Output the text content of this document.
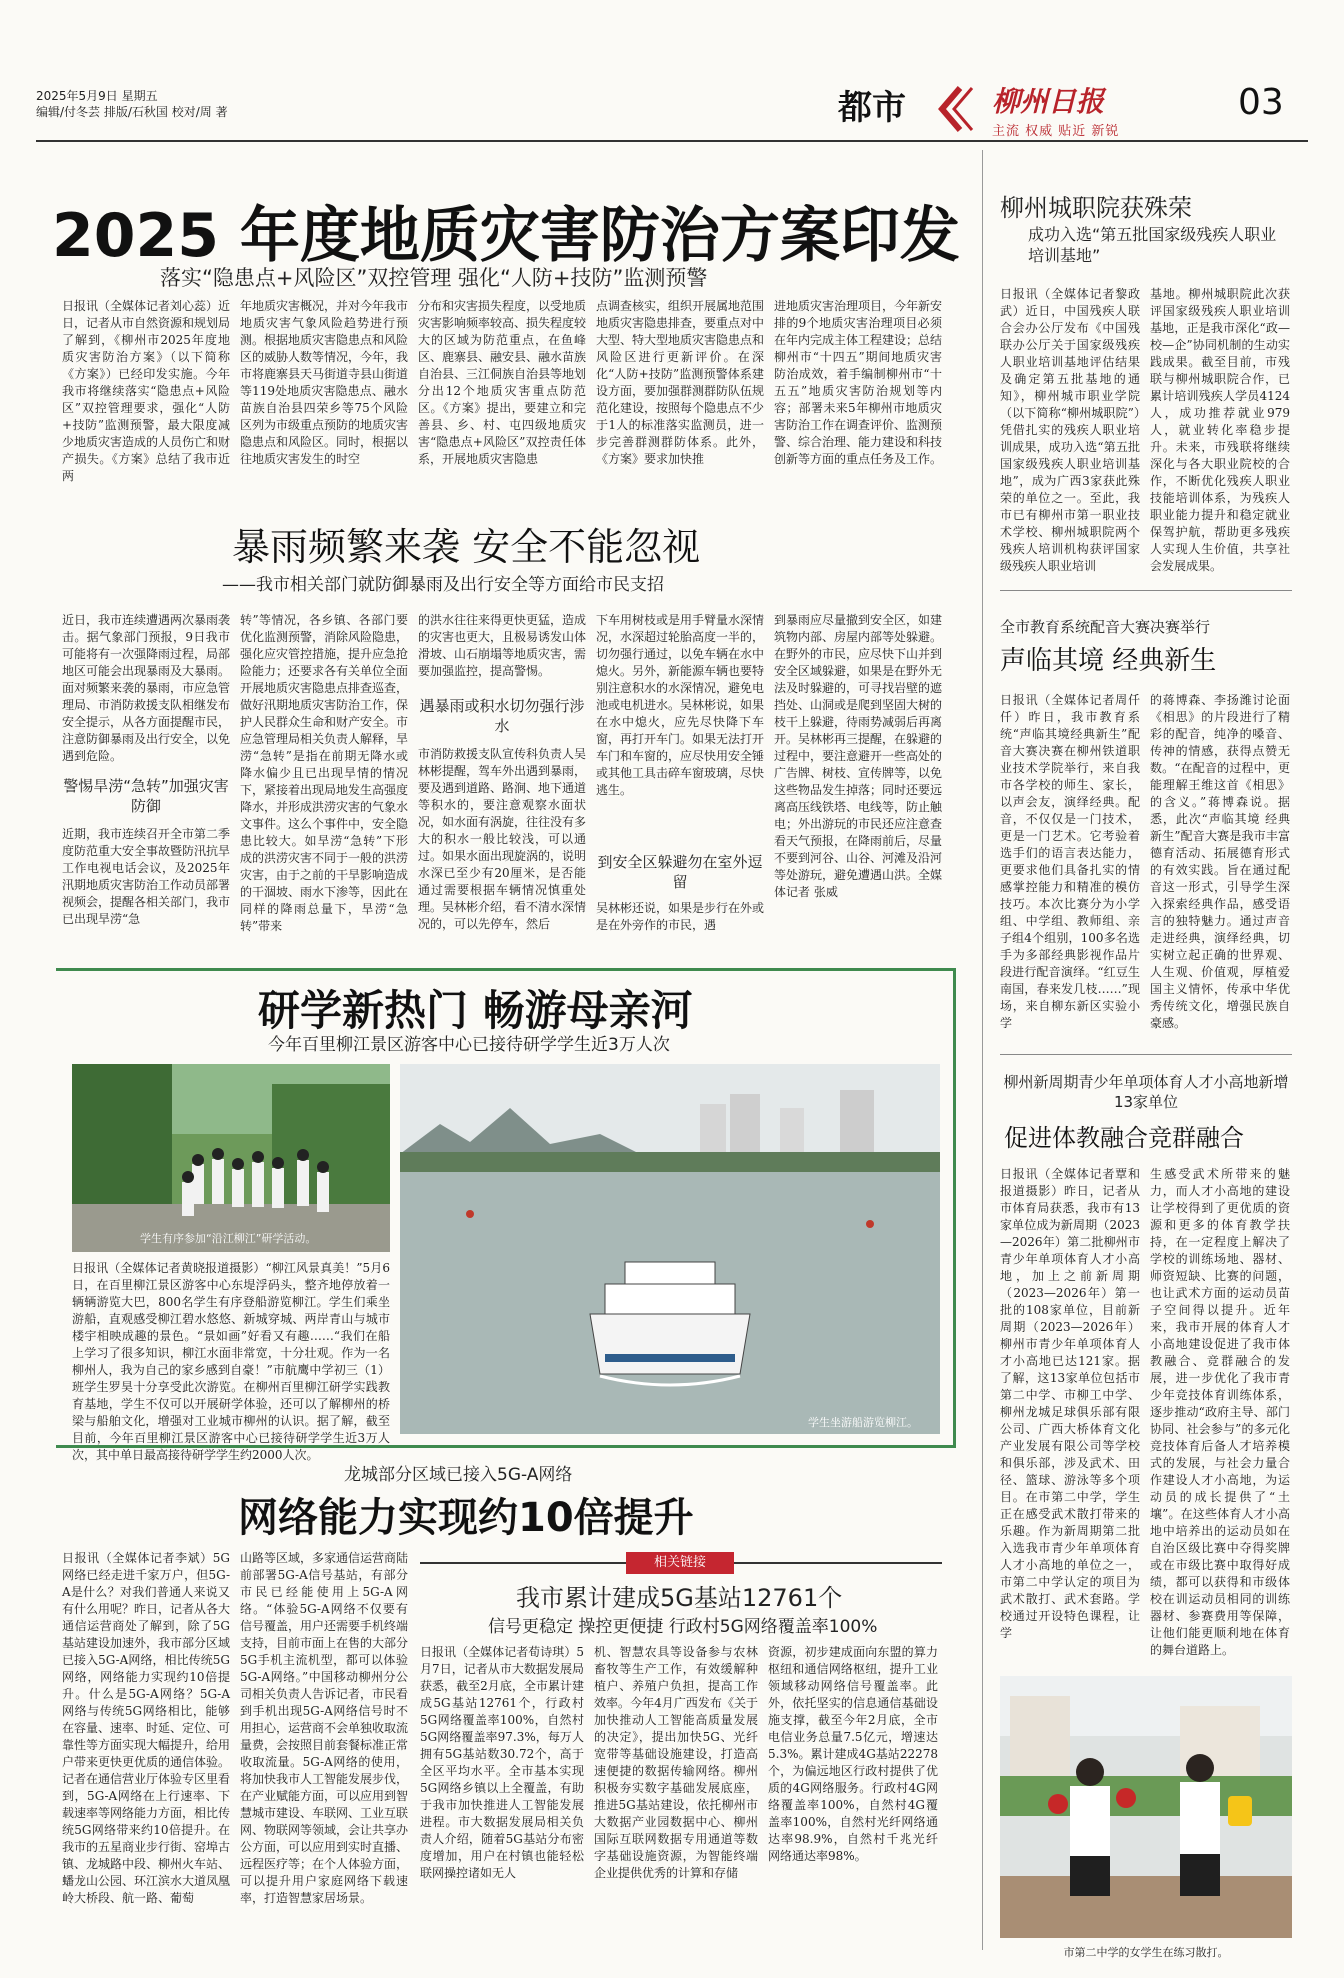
2025年5月9日 星期五
编辑/付冬芸 排版/石秋国 校对/周 著	都市	柳州日报
主流 权威 贴近 新锐
03
2025 年度地质灾害防治方案印发
落实“隐患点+风险区”双控管理 强化“人防+技防”监测预警
日报讯（全媒体记者刘心蕊）近日，记者从市自然资源和规划局了解到，《柳州市2025年度地质灾害防治方案》（以下简称《方案》）已经印发实施。今年我市将继续落实“隐患点+风险区”双控管理要求，强化“人防+技防”监测预警，最大限度减少地质灾害造成的人员伤亡和财产损失。《方案》总结了我市近两
年地质灾害概况，并对今年我市地质灾害气象风险趋势进行预测。根据地质灾害隐患点和风险区的威胁人数等情况，今年，我市将鹿寨县天马街道寺县山街道等119处地质灾害隐患点、融水苗族自治县四荣乡等75个风险区列为市级重点预防的地质灾害隐患点和风险区。同时，根据以往地质灾害发生的时空
分布和灾害损失程度，以受地质灾害影响频率较高、损失程度较大的区域为防范重点，在鱼峰区、鹿寨县、融安县、融水苗族自治县、三江侗族自治县等地划分出12个地质灾害重点防范区。《方案》提出，要建立和完善县、乡、村、屯四级地质灾害“隐患点+风险区”双控责任体系，开展地质灾害隐患
点调查核实，组织开展属地范围地质灾害隐患排查，要重点对中大型、特大型地质灾害隐患点和风险区进行更新评价。在深化“人防+技防”监测预警体系建设方面，要加强群测群防队伍规范化建设，按照每个隐患点不少于1人的标准落实监测员，进一步完善群测群防体系。此外，《方案》要求加快推
进地质灾害治理项目，今年新安排的9个地质灾害治理项目必须在年内完成主体工程建设；总结柳州市“十四五”期间地质灾害防治成效，着手编制柳州市“十五五”地质灾害防治规划等内容；部署未来5年柳州市地质灾害防治工作在调查评价、监测预警、综合治理、能力建设和科技创新等方面的重点任务及工作。
暴雨频繁来袭 安全不能忽视
——我市相关部门就防御暴雨及出行安全等方面给市民支招
近日，我市连续遭遇两次暴雨袭击。据气象部门预报，9日我市可能将有一次强降雨过程，局部地区可能会出现暴雨及大暴雨。面对频繁来袭的暴雨，市应急管理局、市消防救援支队相继发布安全提示，从各方面提醒市民，注意防御暴雨及出行安全，以免遇到危险。
警惕旱涝“急转”加强灾害防御
近期，我市连续召开全市第二季度防范重大安全事故暨防汛抗旱工作电视电话会议，及2025年汛期地质灾害防治工作动员部署视频会，提醒各相关部门，我市已出现旱涝“急
转”等情况，各乡镇、各部门要优化监测预警，消除风险隐患，强化应灾管控措施，提升应急抢险能力；还要求各有关单位全面开展地质灾害隐患点排查巡查，做好汛期地质灾害防治工作，保护人民群众生命和财产安全。市应急管理局相关负责人解释，旱涝“急转”是指在前期无降水或降水偏少且已出现旱情的情况下，紧接着出现局地发生高强度降水，并形成洪涝灾害的气象水文事件。这么个事件中，安全隐患比较大。如旱涝“急转”下形成的洪涝灾害不同于一般的洪涝灾害，由于之前的干旱影响造成的干涸坡、雨水下渗等，因此在同样的降雨总量下，旱涝“急转”带来
的洪水往往来得更快更猛，造成的灾害也更大，且极易诱发山体滑坡、山石崩塌等地质灾害，需要加强监控，提高警惕。
遇暴雨或积水切勿强行涉水
市消防救援支队宣传科负责人吴林彬提醒，驾车外出遇到暴雨，要及遇到道路、路涧、地下通道等积水的，要注意观察水面状况，如水面有涡旋，往往没有多大的积水一般比较浅，可以通过。如果水面出现旋涡的，说明水深已至少有20厘米，是否能通过需要根据车辆情况慎重处理。吴林彬介绍，看不清水深情况的，可以先停车，然后
下车用树枝或是用手臂量水深情况，水深超过轮胎高度一半的，切勿强行通过，以免车辆在水中熄火。另外，新能源车辆也要特别注意积水的水深情况，避免电池或电机进水。吴林彬说，如果在水中熄火，应先尽快降下车窗，再打开车门。如果无法打开车门和车窗的，应尽快用安全锤或其他工具击碎车窗玻璃，尽快逃生。
到安全区躲避勿在室外逗留
吴林彬还说，如果是步行在外或是在外旁作的市民，遇
到暴雨应尽量撤到安全区，如建筑物内部、房屋内部等处躲避。在野外的市民，应尽快下山并到安全区域躲避，如果是在野外无法及时躲避的，可寻找岩壁的遮挡处、山洞或是爬到坚固大树的枝干上躲避，待雨势减弱后再离开。吴林彬再三提醒，在躲避的过程中，要注意避开一些高处的广告牌、树枝、宣传牌等，以免这些物品发生掉落；同时还要远离高压线铁塔、电线等，防止触电；外出游玩的市民还应注意查看天气预报，在降雨前后，尽量不要到河谷、山谷、河滩及沿河等处游玩，避免遭遇山洪。全媒体记者 张威
研学新热门 畅游母亲河
今年百里柳江景区游客中心已接待研学学生近3万人次
学生有序参加“沿江柳江”研学活动。
学生坐游船游览柳江。
日报讯（全媒体记者黄晓报道摄影）“柳江风景真美！”5月6日，在百里柳江景区游客中心东堤浮码头，整齐地停放着一辆辆游览大巴，800名学生有序登船游览柳江。学生们乘坐游船，直观感受柳江碧水悠悠、新城穿城、两岸青山与城市楼宇相映成趣的景色。“景如画”好看又有趣……“我们在船上学习了很多知识，柳江水面非常宽，十分壮观。作为一名柳州人，我为自己的家乡感到自豪！”市航鹰中学初三（1）班学生罗昊十分享受此次游览。在柳州百里柳江研学实践教育基地，学生不仅可以开展研学体验，还可以了解柳州的桥梁与船舶文化，增强对工业城市柳州的认识。据了解，截至目前，今年百里柳江景区游客中心已接待研学学生近3万人次，其中单日最高接待研学学生约2000人次。
龙城部分区域已接入5G-A网络
网络能力实现约10倍提升
日报讯（全媒体记者李斌）5G网络已经走进千家万户，但5G-A是什么？对我们普通人来说又有什么用呢？昨日，记者从各大通信运营商处了解到，除了5G基站建设加速外，我市部分区域已接入5G-A网络，相比传统5G网络，网络能力实现约10倍提升。什么是5G-A网络？5G-A网络与传统5G网络相比，能够在容量、速率、时延、定位、可靠性等方面实现大幅提升，给用户带来更快更优质的通信体验。记者在通信营业厅体验专区里看到，5G-A网络在上行速率、下载速率等网络能力方面，相比传统5G网络带来约10倍提升。在我市的五星商业步行街、窑埠古镇、龙城路中段、柳州火车站、蟠龙山公园、环江滨水大道凤凰岭大桥段、航一路、葡萄
山路等区域，多家通信运营商陆前部署5G-A信号基站，有部分市民已经能使用上5G-A网络。“体验5G-A网络不仅要有信号覆盖，用户还需要手机终端支持，目前市面上在售的大部分5G手机主流机型，都可以体验5G-A网络。”中国移动柳州分公司相关负责人告诉记者，市民看到手机出现5G-A网络信号时不用担心，运营商不会单独收取流量费，会按照目前套餐标准正常收取流量。5G-A网络的使用，将加快我市人工智能发展步伐，在产业赋能方面，可以应用到智慧城市建设、车联网、工业互联网、物联网等领域，会让共享办公方面，可以应用到实时直播、远程医疗等；在个人体验方面，可以提升用户家庭网络下载速率，打造智慧家居场景。
相关链接
我市累计建成5G基站12761个
信号更稳定 操控更便捷 行政村5G网络覆盖率100%
日报讯（全媒体记者荀诗琪）5月7日，记者从市大数据发展局获悉，截至2月底，全市累计建成5G基站12761个，行政村5G网络覆盖率100%，自然村5G网络覆盖率97.3%，每万人拥有5G基站数30.72个，高于全区平均水平。全市基本实现5G网络乡镇以上全覆盖，有助于我市加快推进人工智能发展进程。市大数据发展局相关负责人介绍，随着5G基站分布密度增加，用户在村镇也能轻松联网操控诸如无人
机、智慧农具等设备参与农林畜牧等生产工作，有效缓解种植户、养殖户负担，提高工作效率。今年4月广西发布《关于加快推动人工智能高质量发展的决定》，提出加快5G、光纤宽带等基础设施建设，打造高速便捷的数据传输网络。柳州积极夯实数字基础发展底座，推进5G基站建设，依托柳州市大数据产业园数据中心、柳州国际互联网数据专用通道等数字基础设施资源，为智能终端企业提供优秀的计算和存储
资源，初步建成面向东盟的算力枢纽和通信网络枢纽，提升工业领域移动网络信号覆盖率。此外，依托坚实的信息通信基础设施支撑，截至今年2月底，全市电信业务总量7.5亿元，增速达5.3%。累计建成4G基站22278个，为偏远地区行政村提供了优质的4G网络服务。行政村4G网络覆盖率100%，自然村4G覆盖率100%，自然村光纤网络通达率98.9%，自然村千兆光纤网络通达率98%。
柳州城职院获殊荣
成功入选“第五批国家级残疾人职业培训基地”
日报讯（全媒体记者黎政武）近日，中国残疾人联合会办公厅发布《中国残联办公厅关于国家级残疾人职业培训基地评估结果及确定第五批基地的通知》，柳州城市职业学院（以下简称“柳州城职院”）凭借扎实的残疾人职业培训成果，成功入选“第五批国家级残疾人职业培训基地”，成为广西3家获此殊荣的单位之一。至此，我市已有柳州市第一职业技术学校、柳州城职院两个残疾人培训机构获评国家级残疾人职业培训
基地。柳州城职院此次获评国家级残疾人职业培训基地，正是我市深化“政—校—企”协同机制的生动实践成果。截至目前，市残联与柳州城职院合作，已累计培训残疾人学员4124人，成功推荐就业979人，就业转化率稳步提升。未来，市残联将继续深化与各大职业院校的合作，不断优化残疾人职业技能培训体系，为残疾人职业能力提升和稳定就业保驾护航，帮助更多残疾人实现人生价值，共享社会发展成果。
全市教育系统配音大赛决赛举行
声临其境 经典新生
日报讯（全媒体记者周仟仟）昨日，我市教育系统“声临其境经典新生”配音大赛决赛在柳州铁道职业技术学院举行，来自我市各学校的师生、家长，以声会友，演绎经典。配音，不仅仅是一门技术，更是一门艺术。它考验着选手们的语言表达能力，更要求他们具备扎实的情感掌控能力和精准的模仿技巧。本次比赛分为小学组、中学组、教师组、亲子组4个组别，100多名选手为多部经典影视作品片段进行配音演绎。“红豆生南国，春来发几枝……”现场，来自柳东新区实验小学
的蒋博森、李扬潍讨论面《相思》的片段进行了精彩的配音，纯净的嗓音、传神的情感，获得点赞无数。“在配音的过程中，更能理解王维这首《相思》的含义。”蒋博森说。据悉，此次“声临其境 经典新生”配音大赛是我市丰富德育活动、拓展德育形式的有效实践。旨在通过配音这一形式，引导学生深入探索经典作品，感受语言的独特魅力。通过声音走进经典，演绎经典，切实树立起正确的世界观、人生观、价值观，厚植爱国主义情怀，传承中华优秀传统文化，增强民族自豪感。
柳州新周期青少年单项体育人才小高地新增13家单位
促进体教融合竞群融合
日报讯（全媒体记者覃和报道摄影）昨日，记者从市体育局获悉，我市有13家单位成为新周期（2023—2026年）第二批柳州市青少年单项体育人才小高地，加上之前新周期（2023—2026年）第一批的108家单位，目前新周期（2023—2026年）柳州市青少年单项体育人才小高地已达121家。据了解，这13家单位包括市第二中学、市柳工中学、柳州龙城足球俱乐部有限公司、广西大桥体育文化产业发展有限公司等学校和俱乐部，涉及武术、田径、篮球、游泳等多个项目。在市第二中学，学生正在感受武术散打带来的乐趣。作为新周期第二批入选我市青少年单项体育人才小高地的单位之一，市第二中学认定的项目为武术散打、武术套路。学校通过开设特色课程，让学
生感受武术所带来的魅力，而人才小高地的建设让学校得到了更优质的资源和更多的体育教学扶持，在一定程度上解决了学校的训练场地、器材、师资短缺、比赛的问题，也让武术方面的运动员苗子空间得以提升。近年来，我市开展的体育人才小高地建设促进了我市体教融合、竞群融合的发展，进一步优化了我市青少年竞技体育训练体系，逐步推动“政府主导、部门协同、社会参与”的多元化竞技体育后备人才培养模式的发展，与社会力量合作建设人才小高地，为运动员的成长提供了“土壤”。在这些体育人才小高地中培养出的运动员如在自治区级比赛中夺得奖牌或在市级比赛中取得好成绩，都可以获得和市级体校在训运动员相同的训练器材、参赛费用等保障，让他们能更顺利地在体育的舞台道路上。
市第二中学的女学生在练习散打。
